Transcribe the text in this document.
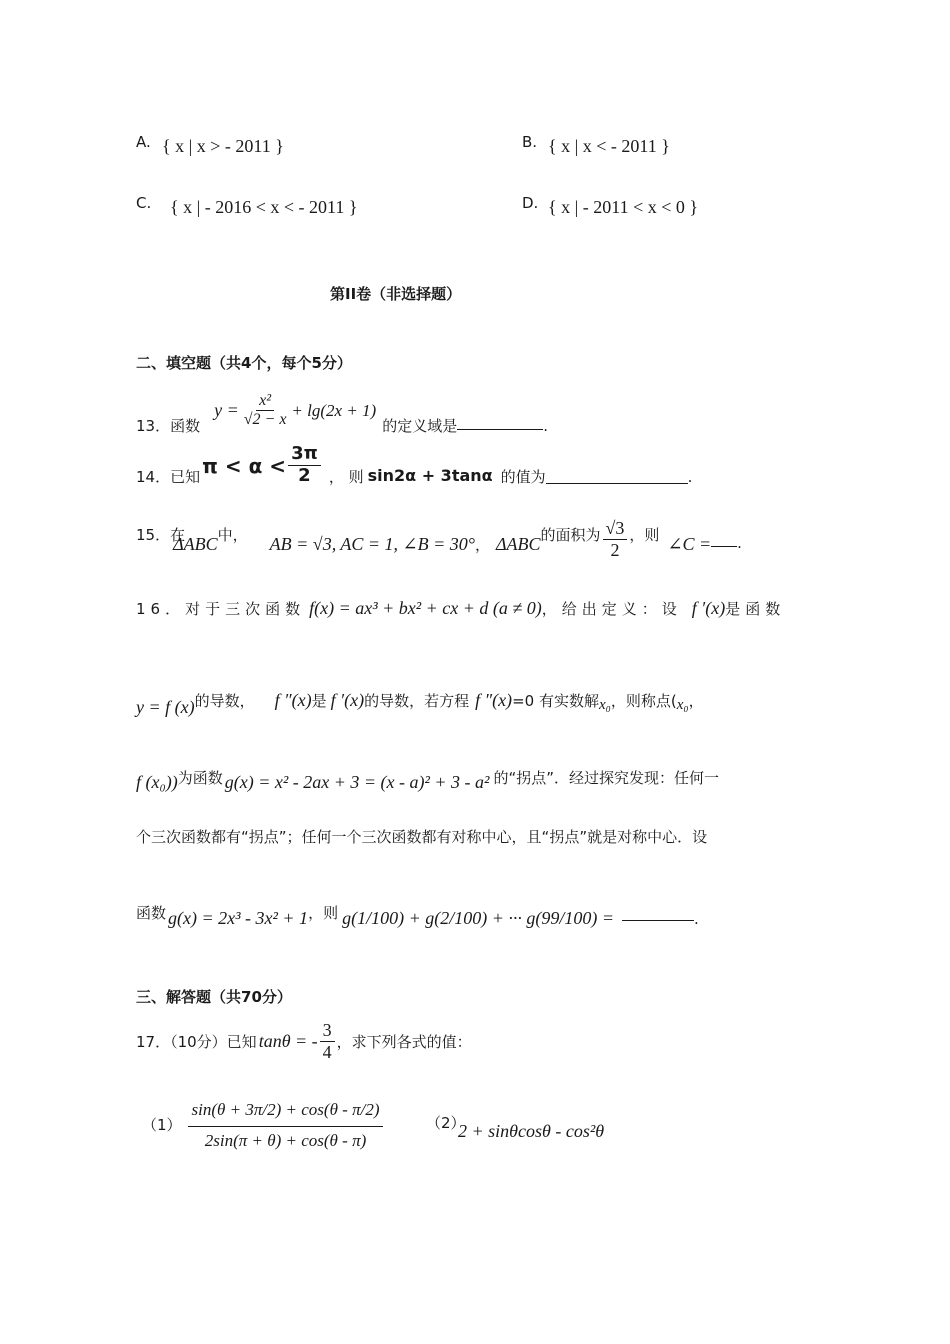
A. { x | x > - 2011 }	B. { x | x < - 2011 }
C. { x | - 2016 < x < - 2011 }	D. { x | - 2011 < x < 0 }
第II卷（非选择题）
二、填空题（共4个，每个5分）
13．函数
$y = \frac{\text{x²}}{√2 - x} + \lg(2x + 1)$
的定义域是	.
14．已知 $\pi < \alpha < \frac{3\pi}{2}$ ， 则 sin2α + 3tanα 的值为	.
15．在
ΔABC 中， AB = √3, AC = 1, ∠B = 30° ， ΔABC 的面积为 $\frac{√3}{2}$ ，则 ∠C = .
16．对于三次函数 f(x) = ax³ + bx² + cx + d (a ≠ 0) ，给出定义：设 f ′(x) 是函数
y = f (x) 的导数， f ″(x) 是 f ′(x) 的导数，若方程 f ″(x) =0 有实数解 x₀ ，则称点( x₀ ，
f (x₀)) 为函数 g(x) = x² - 2ax + 3 = (x - a)² + 3 - a² 的“拐点”．经过探究发现：任何一
个三次函数都有“拐点”；任何一个三次函数都有对称中心，且“拐点”就是对称中心．设
函数 g(x) = 2x³ - 3x² + 1 ，则 g(1/100) + g(2/100) + ··· g(99/100) =	.
三、解答题（共70分）
17．（10分）已知 tanθ = - $\frac{3}{4}$ ，求下列各式的值：
$(1) \frac{\sin(\theta + 3\pi/2) + \cos(\theta - \pi/2)}{2\sin(\pi + \theta) + \cos(\theta - \pi)}$	（2）
2 + sinθcosθ - cos²θ
